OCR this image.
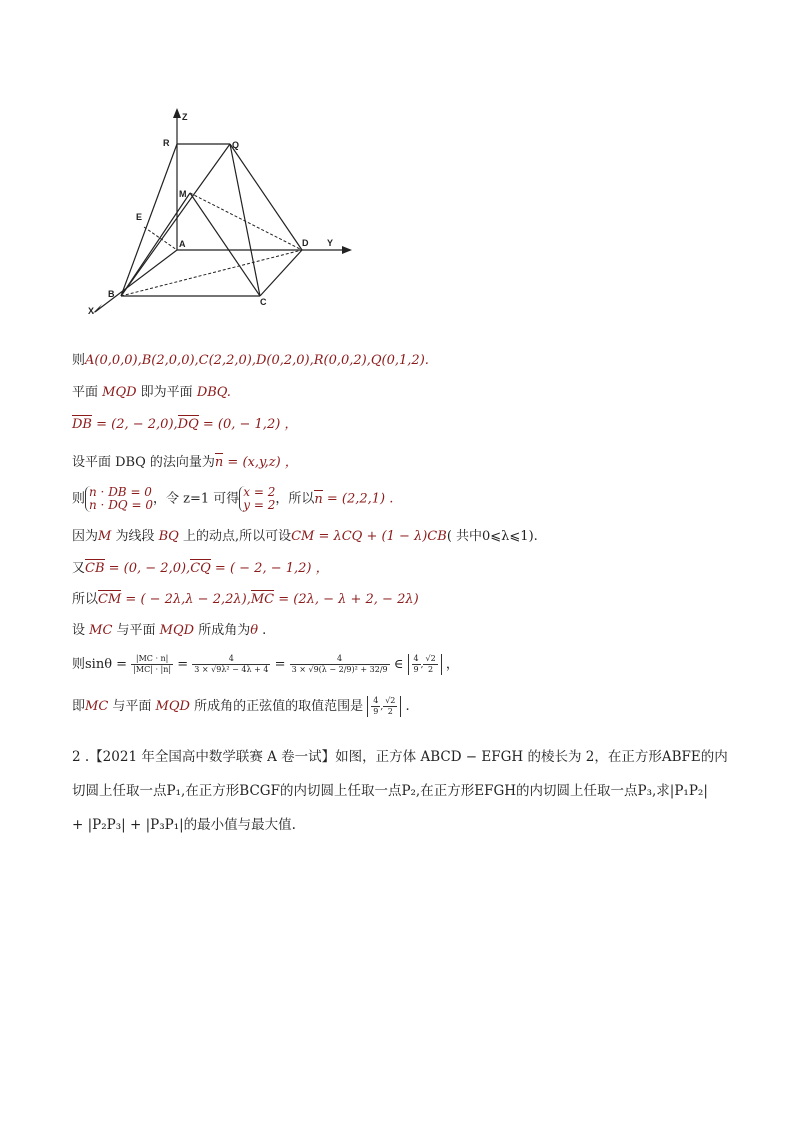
Z
Y
X
R	Q
M
E
A	D
B
C
则A(0,0,0),B(2,0,0),C(2,2,0),D(0,2,0),R(0,0,2),Q(0,1,2).
平面 MQD 即为平面 DBQ.
DB = (2, − 2,0),DQ = (0, − 1,2) ，
设平面 DBQ 的法向量为n = (x,y,z) ，
则 n · DB = 0
n · DQ = 0，令 z=1 可得 x = 2
y = 2，所以n = (2,2,1) .
因为M 为线段 BQ 上的动点,所以可设CM = λCQ + (1 − λ)CB( 共中0⩽λ⩽1).
又CB = (0, − 2,0),CQ = ( − 2, − 1,2) ，
所以CM = ( − 2λ,λ − 2,2λ),MC = (2λ, − λ + 2, − 2λ)
设 MC 与平面 MQD 所成角为θ .
则$\sin\theta = \frac{|MC \cdot n|}{|MC| \cdot |n|} = \frac{4}{\text{3 × √9λ² − 4λ + 4}} = \frac{4}{\text{3 × √9(λ − 2/9)² + 32/9}}$ ∈ $\frac{4}{9}$ , $\frac{√2}{2}$ ，
即MC 与平面 MQD 所成角的正弦值的取值范围是 $\frac{4}{9}$ , $\frac{√2}{2}$ .
2 .【2021 年全国高中数学联赛 A 卷一试】如图，正方体 ABCD − EFGH 的棱长为 2，在正方形ABFE的内
切圆上任取一点P₁,在正方形BCGF的内切圆上任取一点P₂,在正方形EFGH的内切圆上任取一点P₃,求|P₁P₂|
+ |P₂P₃| + |P₃P₁|的最小值与最大值.
